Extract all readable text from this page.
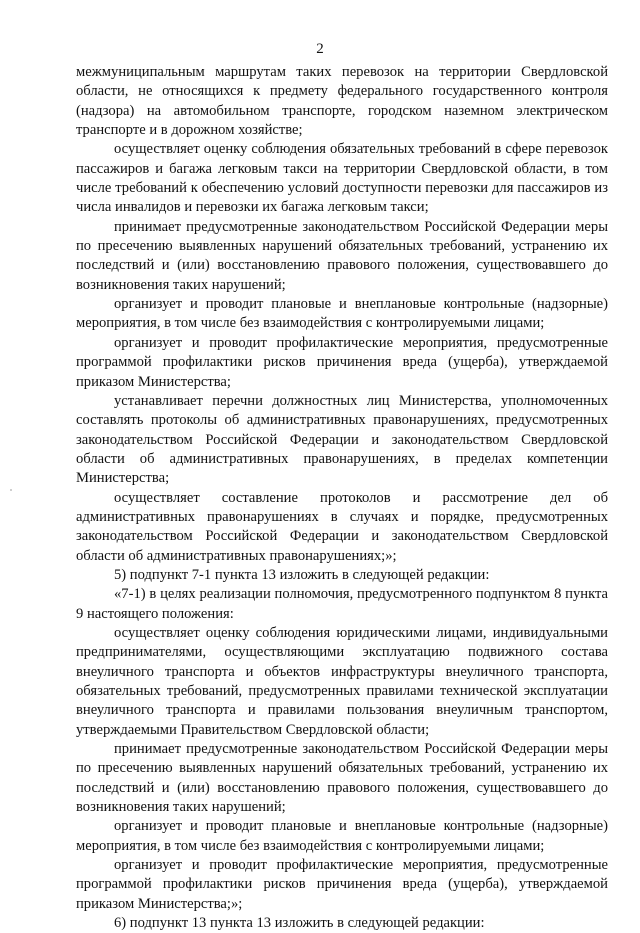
2

межмуниципальным маршрутам таких перевозок на территории Свердловской области, не относящихся к предмету федерального государственного контроля (надзора) на автомобильном транспорте, городском наземном электрическом транспорте и в дорожном хозяйстве;

осуществляет оценку соблюдения обязательных требований в сфере перевозок пассажиров и багажа легковым такси на территории Свердловской области, в том числе требований к обеспечению условий доступности перевозки для пассажиров из числа инвалидов и перевозки их багажа легковым такси;

принимает предусмотренные законодательством Российской Федерации меры по пресечению выявленных нарушений обязательных требований, устранению их последствий и (или) восстановлению правового положения, существовавшего до возникновения таких нарушений;

организует и проводит плановые и внеплановые контрольные (надзорные) мероприятия, в том числе без взаимодействия с контролируемыми лицами;

организует и проводит профилактические мероприятия, предусмотренные программой профилактики рисков причинения вреда (ущерба), утверждаемой приказом Министерства;

устанавливает перечни должностных лиц Министерства, уполномоченных составлять протоколы об административных правонарушениях, предусмотренных законодательством Российской Федерации и законодательством Свердловской области об административных правонарушениях, в пределах компетенции Министерства;

осуществляет составление протоколов и рассмотрение дел об административных правонарушениях в случаях и порядке, предусмотренных законодательством Российской Федерации и законодательством Свердловской области об административных правонарушениях;»;

5) подпункт 7-1 пункта 13 изложить в следующей редакции:

«7-1) в целях реализации полномочия, предусмотренного подпунктом 8 пункта 9 настоящего положения:

осуществляет оценку соблюдения юридическими лицами, индивидуальными предпринимателями, осуществляющими эксплуатацию подвижного состава внеуличного транспорта и объектов инфраструктуры внеуличного транспорта, обязательных требований, предусмотренных правилами технической эксплуатации внеуличного транспорта и правилами пользования внеуличным транспортом, утверждаемыми Правительством Свердловской области;

принимает предусмотренные законодательством Российской Федерации меры по пресечению выявленных нарушений обязательных требований, устранению их последствий и (или) восстановлению правового положения, существовавшего до возникновения таких нарушений;

организует и проводит плановые и внеплановые контрольные (надзорные) мероприятия, в том числе без взаимодействия с контролируемыми лицами;

организует и проводит профилактические мероприятия, предусмотренные программой профилактики рисков причинения вреда (ущерба), утверждаемой приказом Министерства;»;

6) подпункт 13 пункта 13 изложить в следующей редакции:
